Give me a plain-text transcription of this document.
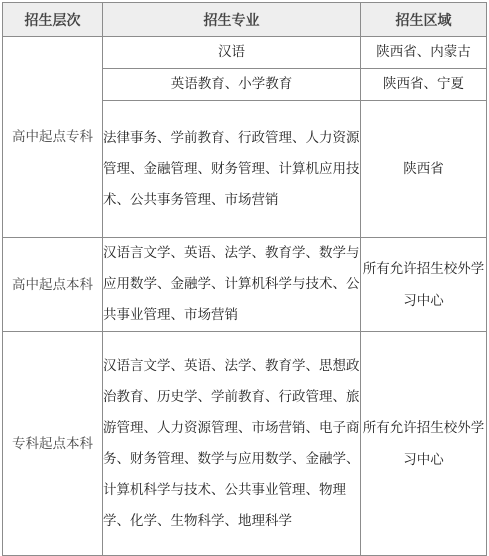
招生层次	招生专业	招生区域
高中起点专科	汉语	陕西省、内蒙古
	英语教育、小学教育	陕西省、宁夏
	法律事务、学前教育、行政管理、人力资源管理、金融管理、财务管理、计算机应用技术、公共事务管理、市场营销	陕西省
高中起点本科	汉语言文学、英语、法学、教育学、数学与应用数学、金融学、计算机科学与技术、公共事业管理、市场营销	所有允许招生校外学习中心
专科起点本科	汉语言文学、英语、法学、教育学、思想政治教育、历史学、学前教育、行政管理、旅游管理、人力资源管理、市场营销、电子商务、财务管理、数学与应用数学、金融学、计算机科学与技术、公共事业管理、物理学、化学、生物科学、地理科学	所有允许招生校外学习中心
